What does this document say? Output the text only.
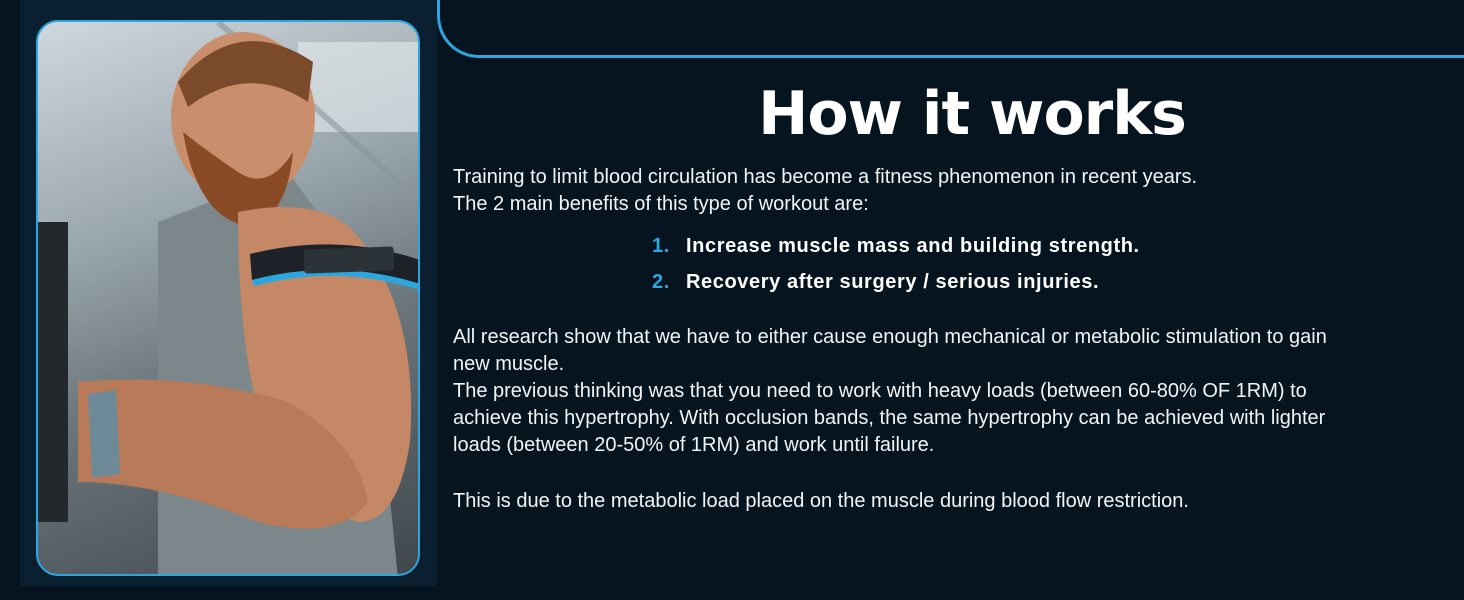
How it works

Training to limit blood circulation has become a fitness phenomenon in recent years.

The 2 main benefits of this type of workout are:

1. Increase muscle mass and building strength.
2. Recovery after surgery / serious injuries.

All research show that we have to either cause enough mechanical or metabolic stimulation to gain

new muscle.

The previous thinking was that you need to work with heavy loads (between 60-80% OF 1RM) to

achieve this hypertrophy. With occlusion bands, the same hypertrophy can be achieved with lighter

loads (between 20-50% of 1RM) and work until failure.

This is due to the metabolic load placed on the muscle during blood flow restriction.
